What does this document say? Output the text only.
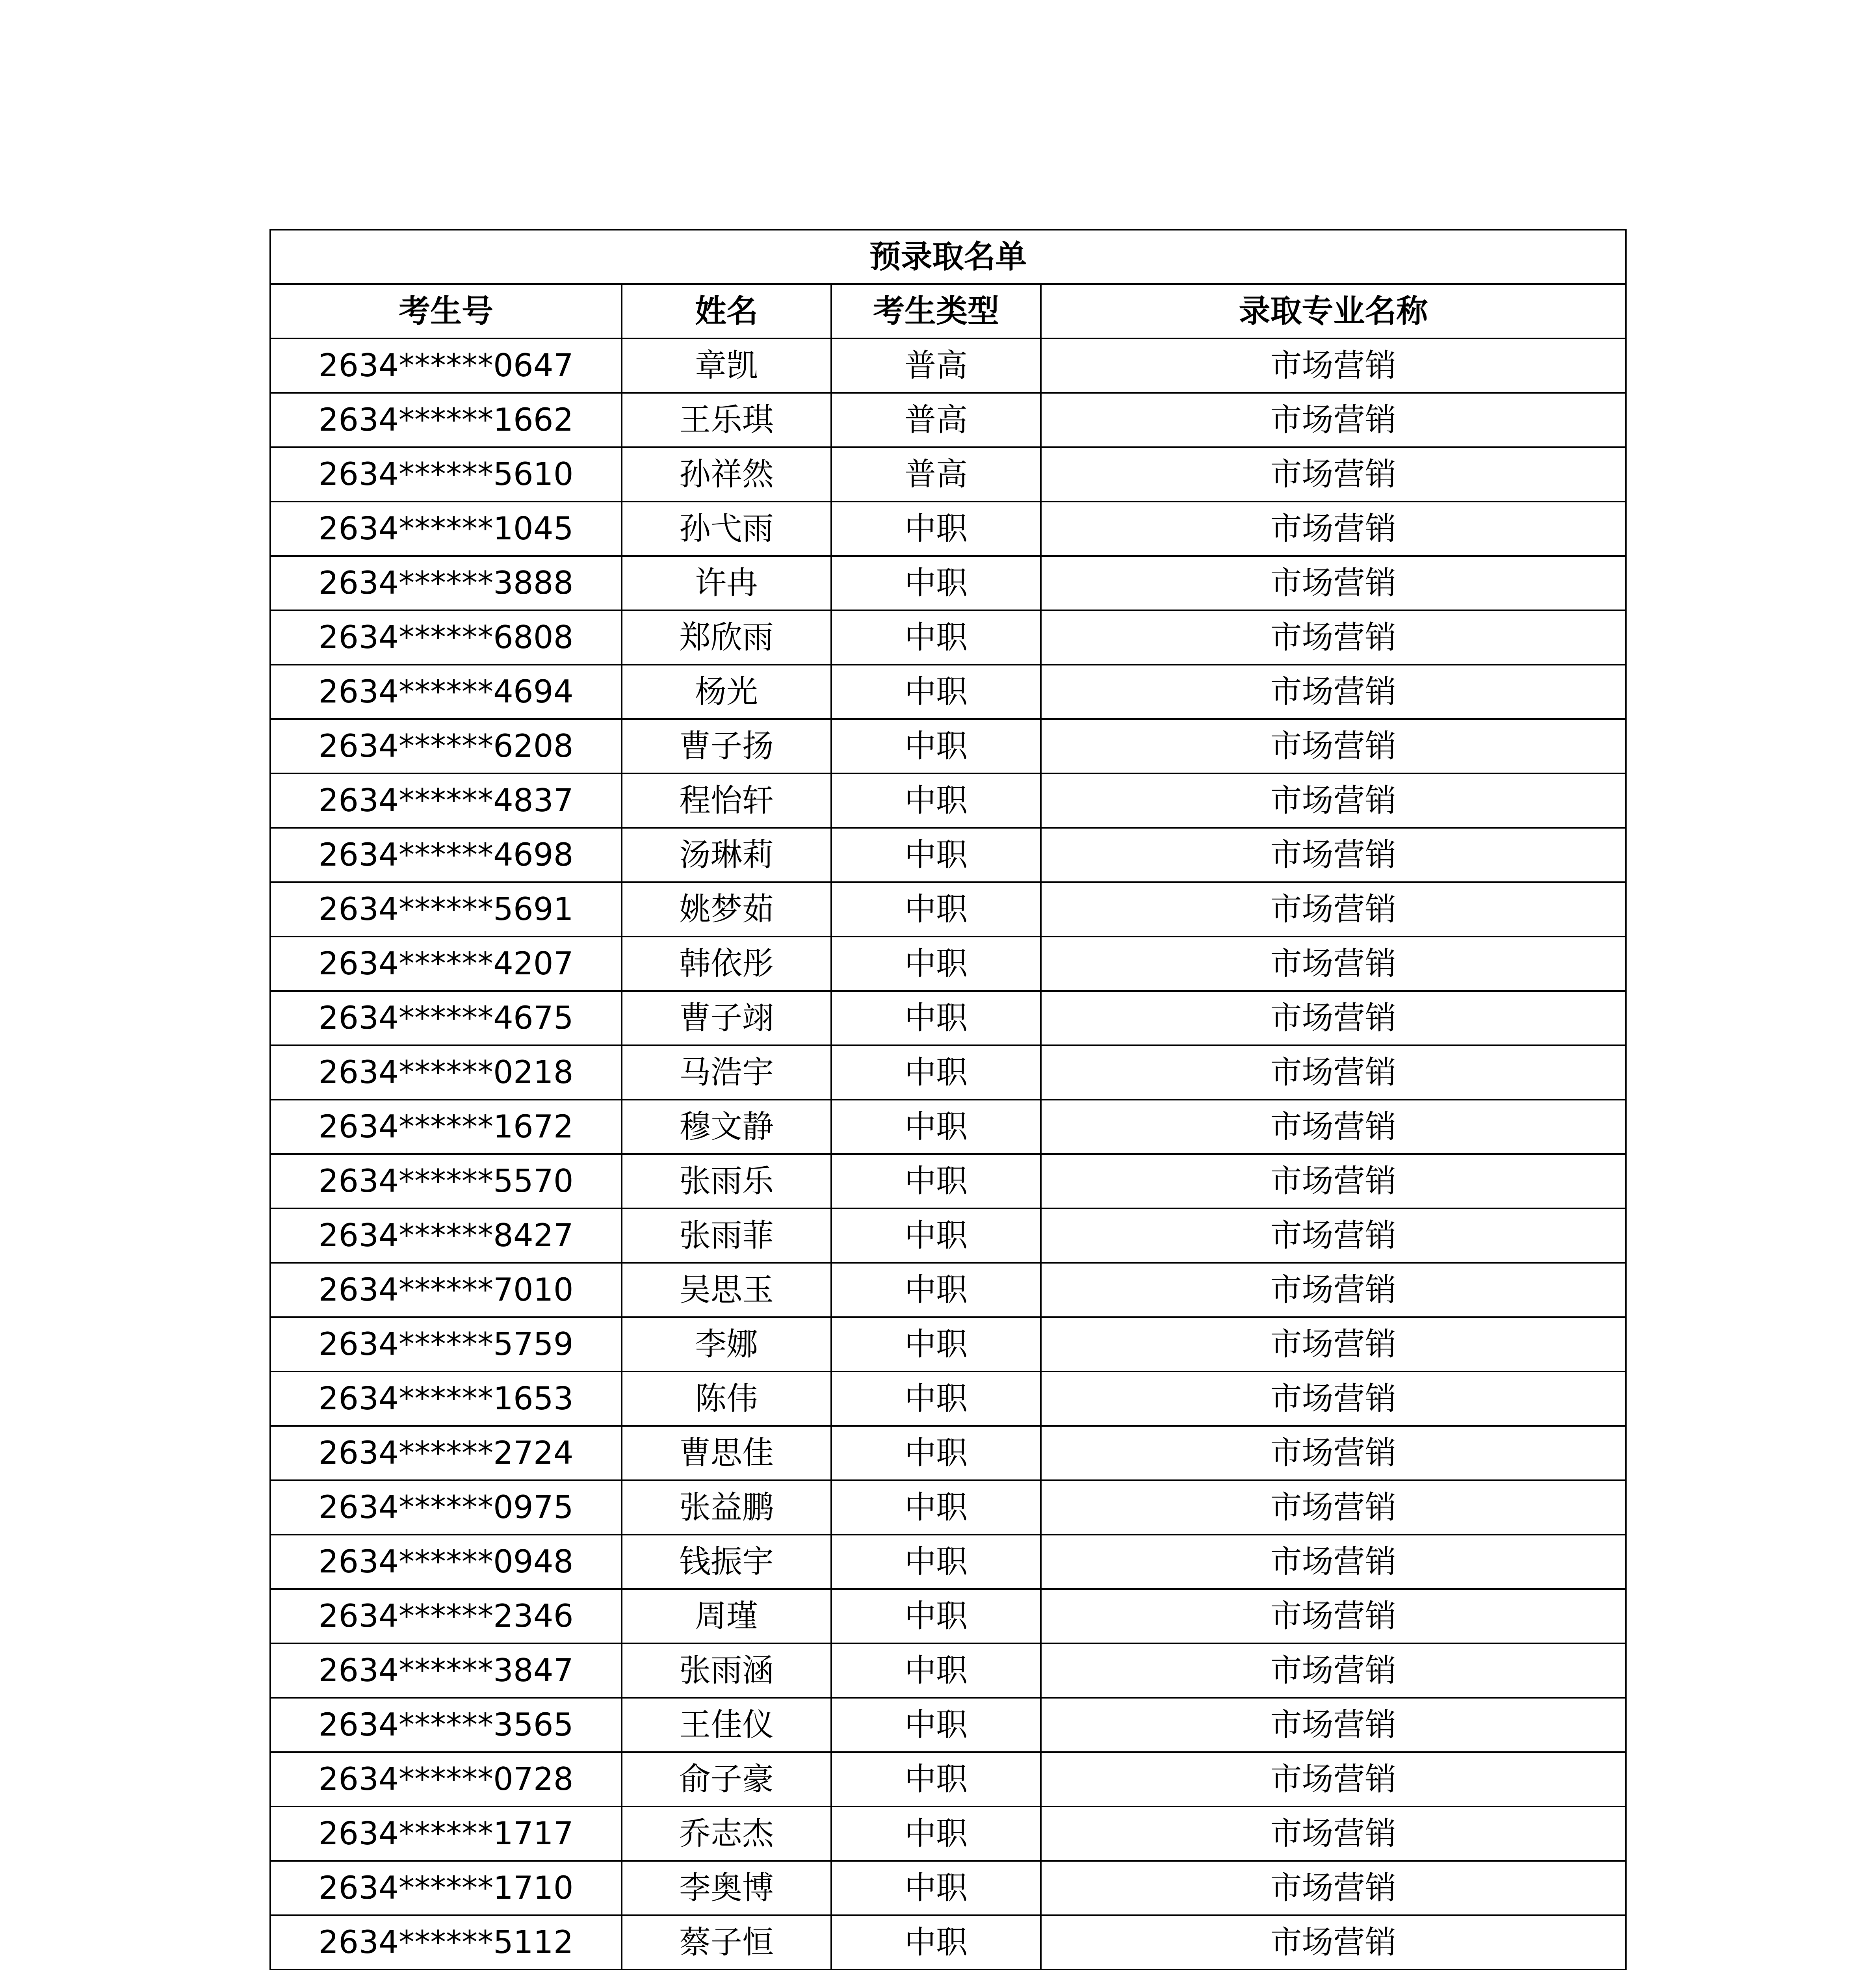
预录取名单			
考生号	姓名	考生类型	录取专业名称
2634******0647	章凯	普高	市场营销
2634******1662	王乐琪	普高	市场营销
2634******5610	孙祥然	普高	市场营销
2634******1045	孙弋雨	中职	市场营销
2634******3888	许冉	中职	市场营销
2634******6808	郑欣雨	中职	市场营销
2634******4694	杨光	中职	市场营销
2634******6208	曹子扬	中职	市场营销
2634******4837	程怡轩	中职	市场营销
2634******4698	汤琳莉	中职	市场营销
2634******5691	姚梦茹	中职	市场营销
2634******4207	韩依彤	中职	市场营销
2634******4675	曹子翊	中职	市场营销
2634******0218	马浩宇	中职	市场营销
2634******1672	穆文静	中职	市场营销
2634******5570	张雨乐	中职	市场营销
2634******8427	张雨菲	中职	市场营销
2634******7010	吴思玉	中职	市场营销
2634******5759	李娜	中职	市场营销
2634******1653	陈伟	中职	市场营销
2634******2724	曹思佳	中职	市场营销
2634******0975	张益鹏	中职	市场营销
2634******0948	钱振宇	中职	市场营销
2634******2346	周瑾	中职	市场营销
2634******3847	张雨涵	中职	市场营销
2634******3565	王佳仪	中职	市场营销
2634******0728	俞子豪	中职	市场营销
2634******1717	乔志杰	中职	市场营销
2634******1710	李奥博	中职	市场营销
2634******5112	蔡子恒	中职	市场营销
